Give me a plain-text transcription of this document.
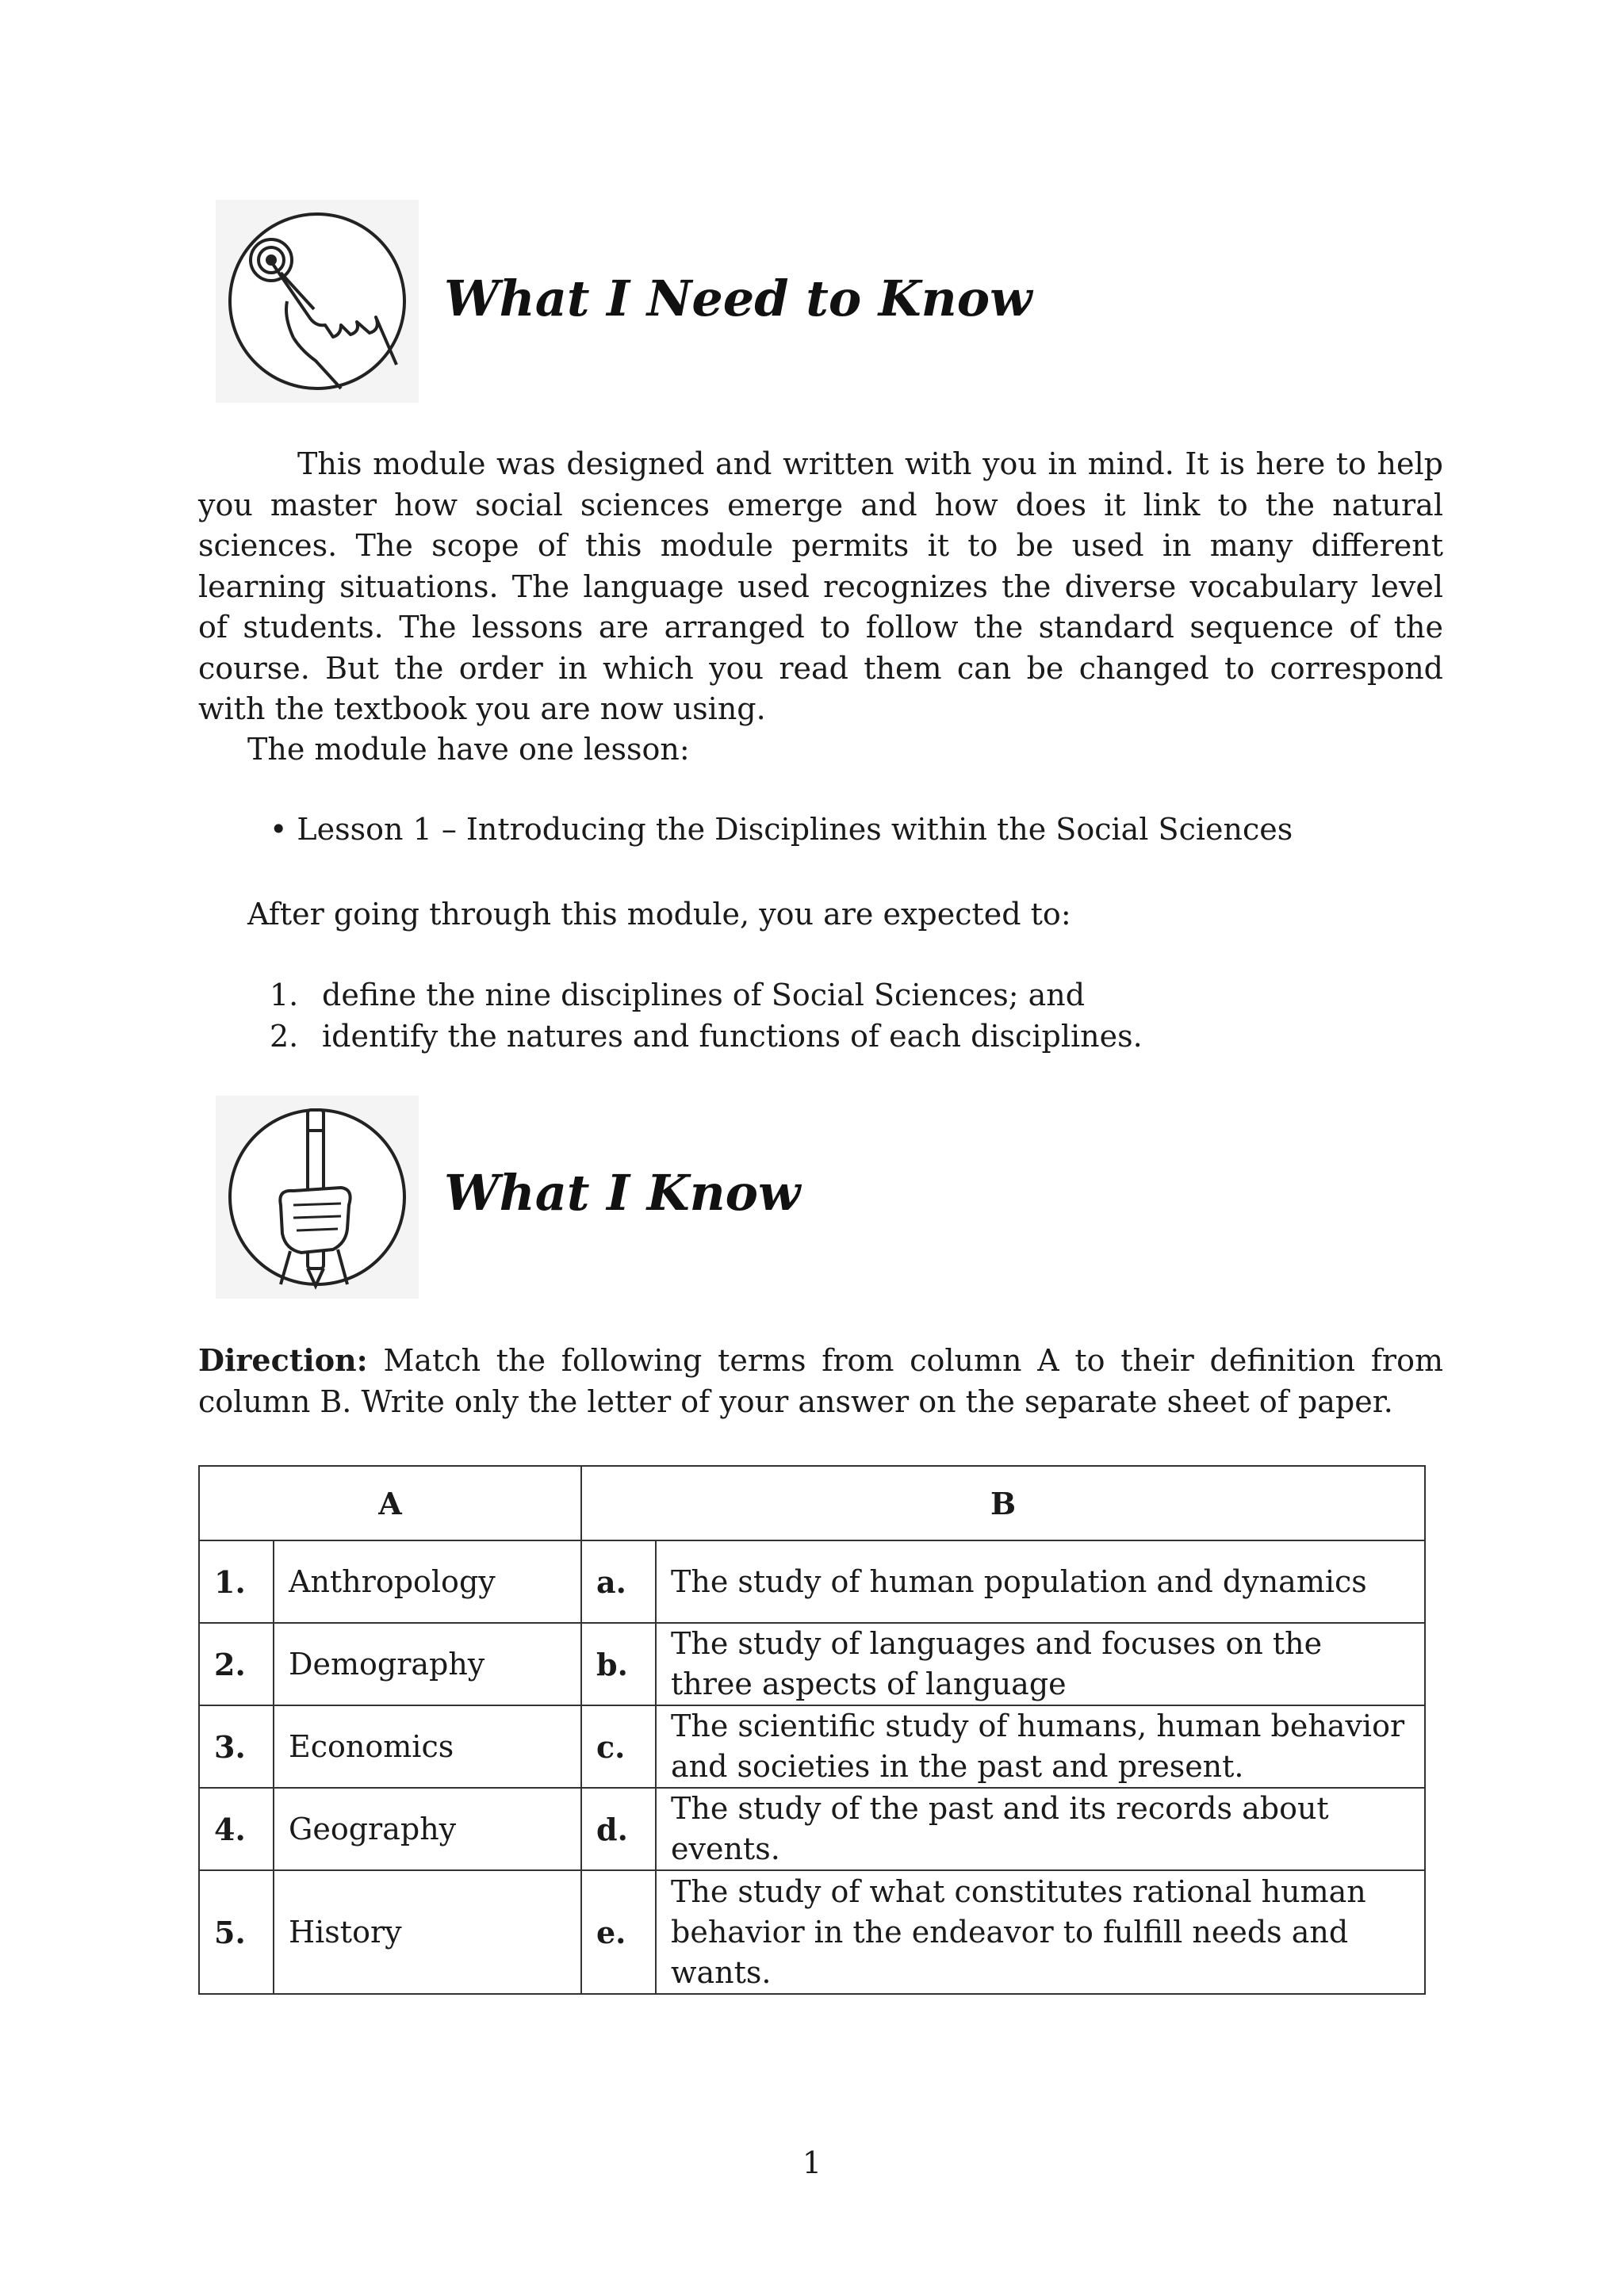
What I Need to Know

This module was designed and written with you in mind. It is here to help you master how social sciences emerge and how does it link to the natural sciences. The scope of this module permits it to be used in many different learning situations. The language used recognizes the diverse vocabulary level of students. The lessons are arranged to follow the standard sequence of the course. But the order in which you read them can be changed to correspond with the textbook you are now using.

The module have one lesson:

• Lesson 1 – Introducing the Disciplines within the Social Sciences

After going through this module, you are expected to:

1. define the nine disciplines of Social Sciences; and
2. identify the natures and functions of each disciplines.
What I Know

Direction: Match the following terms from column A to their definition from column B. Write only the letter of your answer on the separate sheet of paper.

A		B	
1.	Anthropology	a.	The study of human population and dynamics
2.	Demography	b.	The study of languages and focuses on the three aspects of language
3.	Economics	c.	The scientific study of humans, human behavior and societies in the past and present.
4.	Geography	d.	The study of the past and its records about events.
5.	History	e.	The study of what constitutes rational human behavior in the endeavor to fulfill needs and wants.
1
